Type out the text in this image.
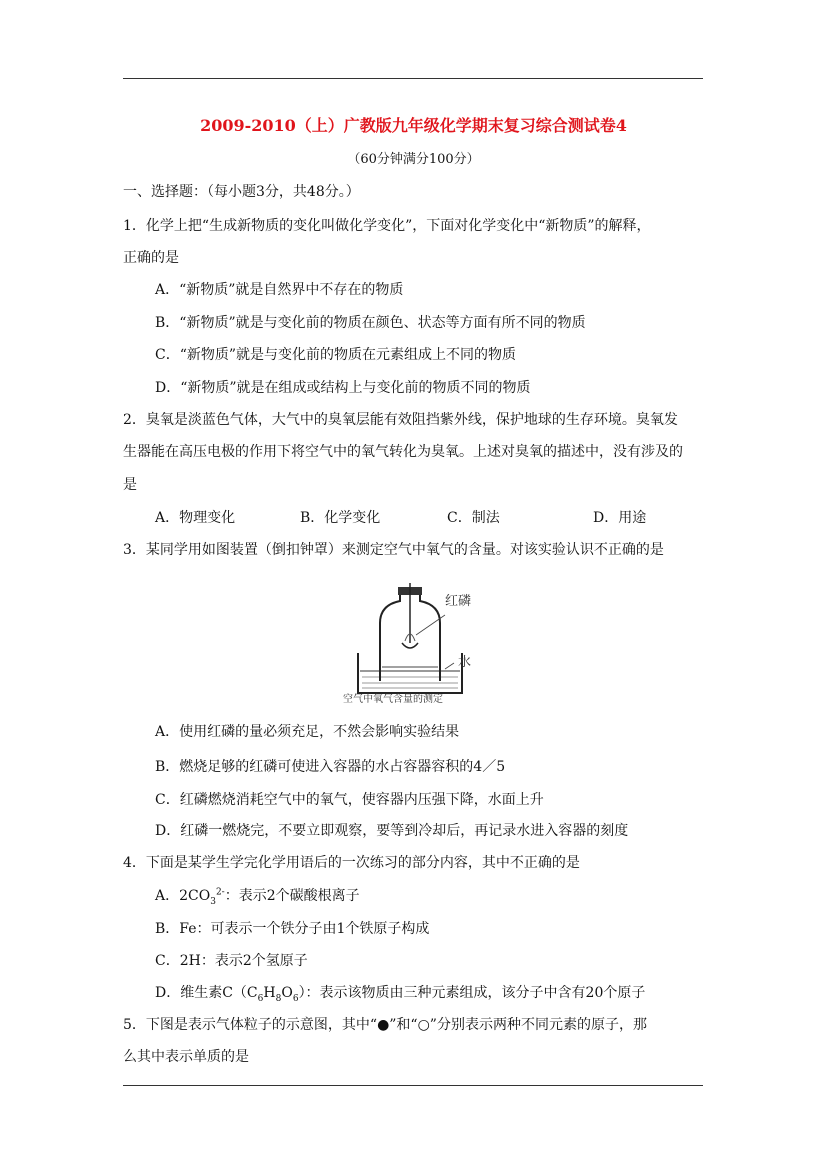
2009-2010（上）广教版九年级化学期末复习综合测试卷4
（60分钟满分100分）
一、选择题：（每小题3分，共48分。）
1．化学上把“生成新物质的变化叫做化学变化”，下面对化学变化中“新物质”的解释，
正确的是
A．“新物质”就是自然界中不存在的物质
B．“新物质”就是与变化前的物质在颜色、状态等方面有所不同的物质
C．“新物质”就是与变化前的物质在元素组成上不同的物质
D．“新物质”就是在组成或结构上与变化前的物质不同的物质
2．臭氧是淡蓝色气体，大气中的臭氧层能有效阻挡紫外线，保护地球的生存环境。臭氧发
生器能在高压电极的作用下将空气中的氧气转化为臭氧。上述对臭氧的描述中，没有涉及的
是
A．物理变化	B．化学变化	C．制法	D．用途
3．某同学用如图装置（倒扣钟罩）来测定空气中氧气的含量。对该实验认识不正确的是
红磷
水
空气中氧气含量的测定
A．使用红磷的量必须充足，不然会影响实验结果
B．燃烧足够的红磷可使进入容器的水占容器容积的4／5
C．红磷燃烧消耗空气中的氧气，使容器内压强下降，水面上升
D．红磷一燃烧完，不要立即观察，要等到冷却后，再记录水进入容器的刻度
4．下面是某学生学完化学用语后的一次练习的部分内容，其中不正确的是
A．$2CO_3^{2-}$：表示2个碳酸根离子
B．Fe：可表示一个铁分子由1个铁原子构成
C．2H：表示2个氢原子
D．维生素$C(C_6H_8O_6)$：表示该物质由三种元素组成，该分子中含有20个原子
5．下图是表示气体粒子的示意图，其中“●”和“○”分别表示两种不同元素的原子，那
么其中表示单质的是
